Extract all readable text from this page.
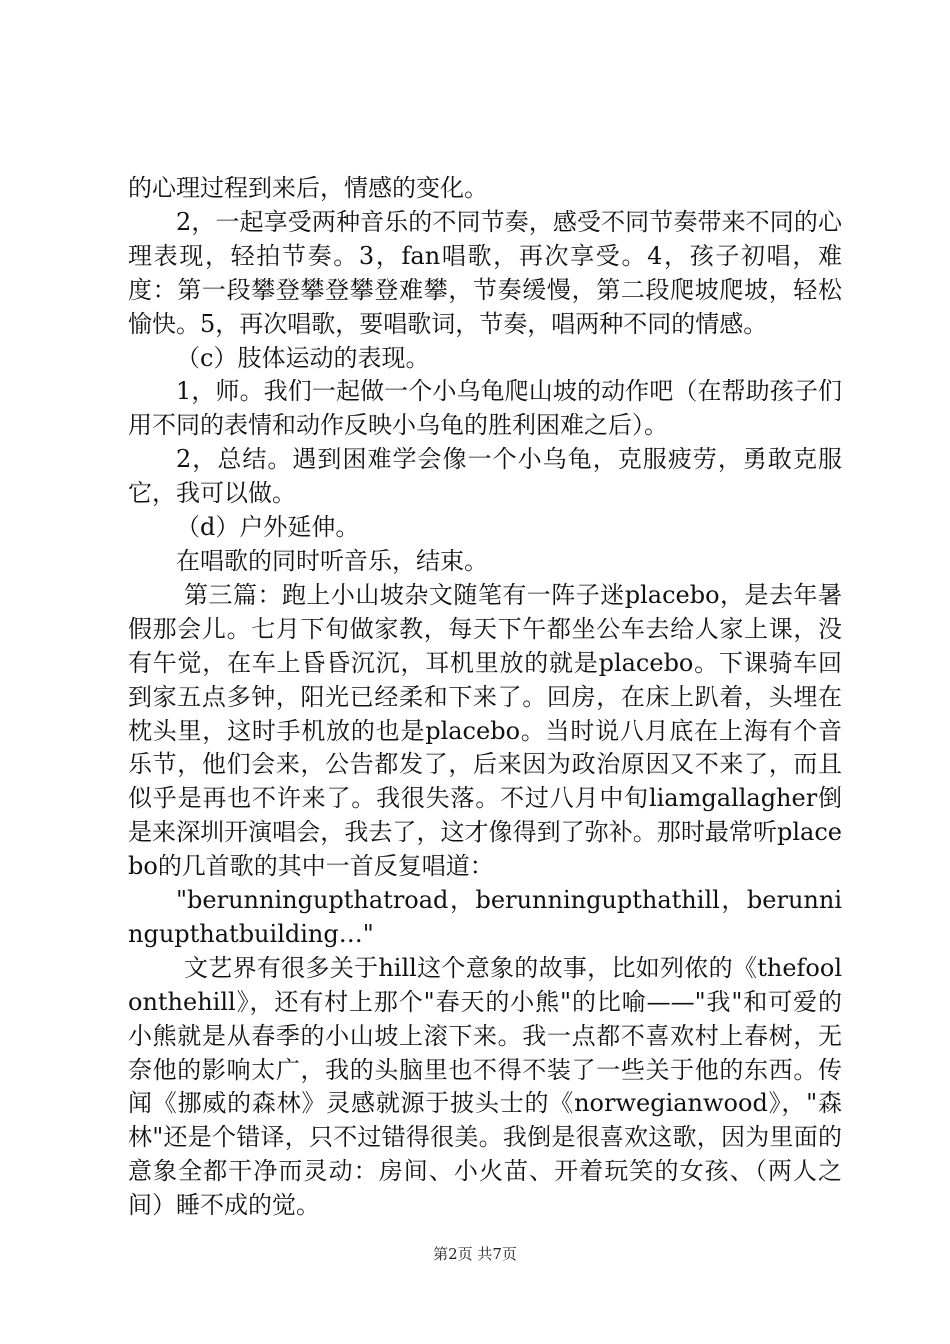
的心理过程到来后，情感的变化。

2，一起享受两种音乐的不同节奏，感受不同节奏带来不同的心理表现，轻拍节奏。3，fan唱歌，再次享受。4，孩子初唱，难度：第一段攀登攀登攀登难攀，节奏缓慢，第二段爬坡爬坡，轻松愉快。5，再次唱歌，要唱歌词，节奏，唱两种不同的情感。

（c）肢体运动的表现。

1，师。我们一起做一个小乌龟爬山坡的动作吧（在帮助孩子们用不同的表情和动作反映小乌龟的胜利困难之后）。

2，总结。遇到困难学会像一个小乌龟，克服疲劳，勇敢克服它，我可以做。

（d）户外延伸。

在唱歌的同时听音乐，结束。

第三篇：跑上小山坡杂文随笔有一阵子迷placebo，是去年暑假那会儿。七月下旬做家教，每天下午都坐公车去给人家上课，没有午觉，在车上昏昏沉沉，耳机里放的就是placebo。下课骑车回到家五点多钟，阳光已经柔和下来了。回房，在床上趴着，头埋在枕头里，这时手机放的也是placebo。当时说八月底在上海有个音乐节，他们会来，公告都发了，后来因为政治原因又不来了，而且似乎是再也不许来了。我很失落。不过八月中旬liamgallagher倒是来深圳开演唱会，我去了，这才像得到了弥补。那时最常听placebo的几首歌的其中一首反复唱道：

"berunningupthatroad，berunningupthathill，berunningupthatbuilding…"

文艺界有很多关于hill这个意象的故事，比如列侬的《thefoolonthehill》，还有村上那个"春天的小熊"的比喻——"我"和可爱的小熊就是从春季的小山坡上滚下来。我一点都不喜欢村上春树，无奈他的影响太广，我的头脑里也不得不装了一些关于他的东西。传闻《挪威的森林》灵感就源于披头士的《norwegianwood》，"森林"还是个错译，只不过错得很美。我倒是很喜欢这歌，因为里面的意象全都干净而灵动：房间、小火苗、开着玩笑的女孩、（两人之间）睡不成的觉。

第2页 共7页
